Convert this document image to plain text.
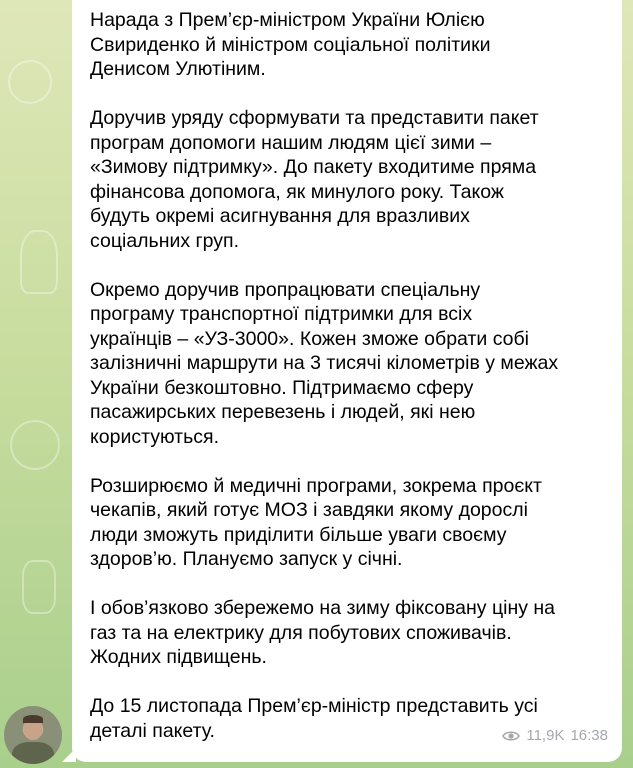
Нарада з Прем’єр-міністром України Юлією
Свириденко й міністром соціальної політики
Денисом Улютіним.

Доручив уряду сформувати та представити пакет
програм допомоги нашим людям цієї зими –
«Зимову підтримку». До пакету входитиме пряма
фінансова допомога, як минулого року. Також
будуть окремі асигнування для вразливих
соціальних груп.

Окремо доручив пропрацювати спеціальну
програму транспортної підтримки для всіх
українців – «УЗ-3000». Кожен зможе обрати собі
залізничні маршрути на 3 тисячі кілометрів у межах
України безкоштовно. Підтримаємо сферу
пасажирських перевезень і людей, які нею
користуються.

Розширюємо й медичні програми, зокрема проєкт
чекапів, який готує МОЗ і завдяки якому дорослі
люди зможуть приділити більше уваги своєму
здоров’ю. Плануємо запуск у січні.

І обов’язково збережемо на зиму фіксовану ціну на
газ та на електрику для побутових споживачів.
Жодних підвищень.

До 15 листопада Прем’єр-міністр представить усі
деталі пакету.	11,9K 16:38
